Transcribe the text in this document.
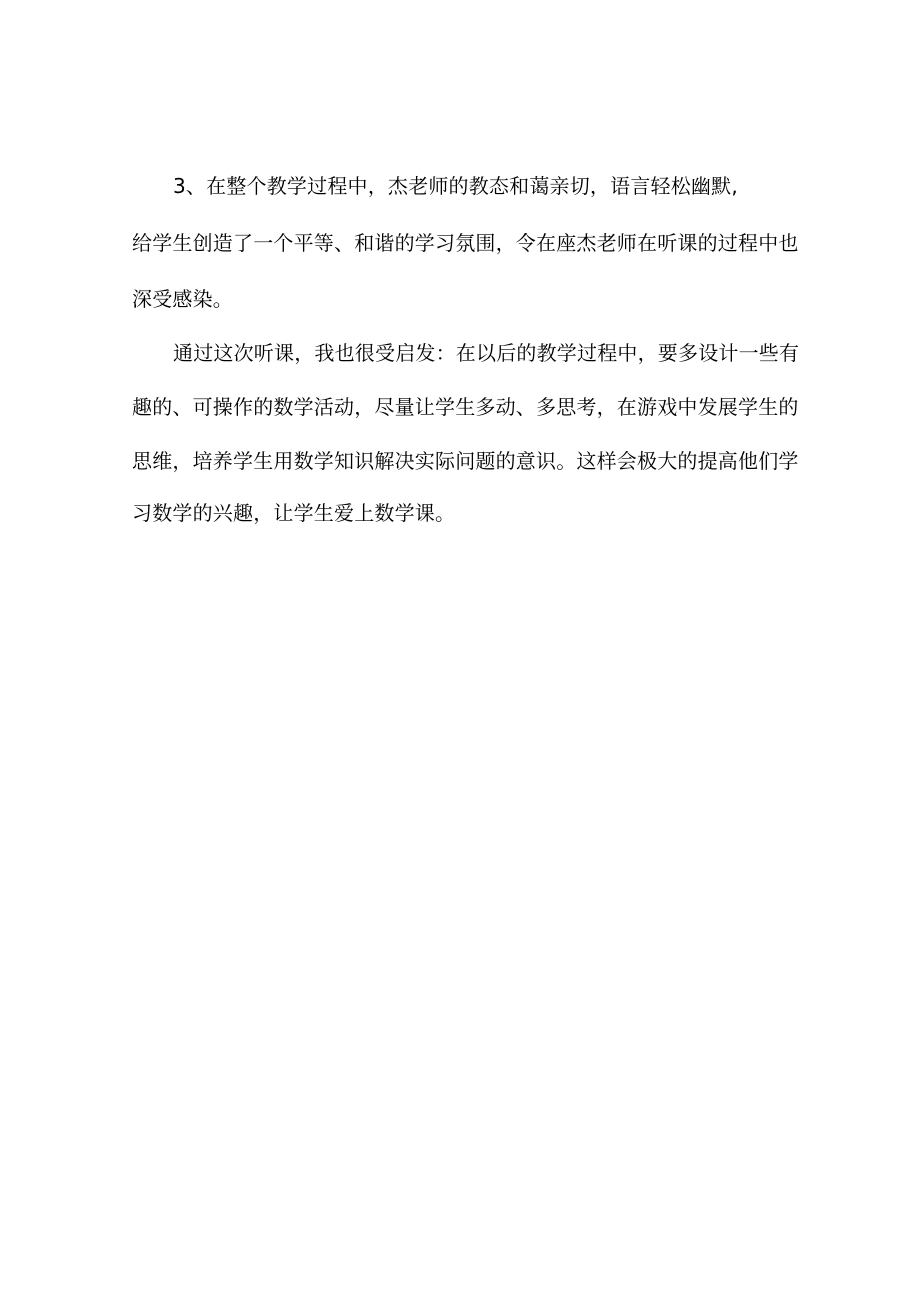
3、在整个教学过程中，杰老师的教态和蔼亲切，语言轻松幽默,
给学生创造了一个平等、和谐的学习氛围，令在座杰老师在听课的过程中也
深受感染。
通过这次听课，我也很受启发：在以后的教学过程中，要多设计一些有
趣的、可操作的数学活动，尽量让学生多动、多思考，在游戏中发展学生的
思维，培养学生用数学知识解决实际问题的意识。这样会极大的提高他们学
习数学的兴趣，让学生爱上数学课。
